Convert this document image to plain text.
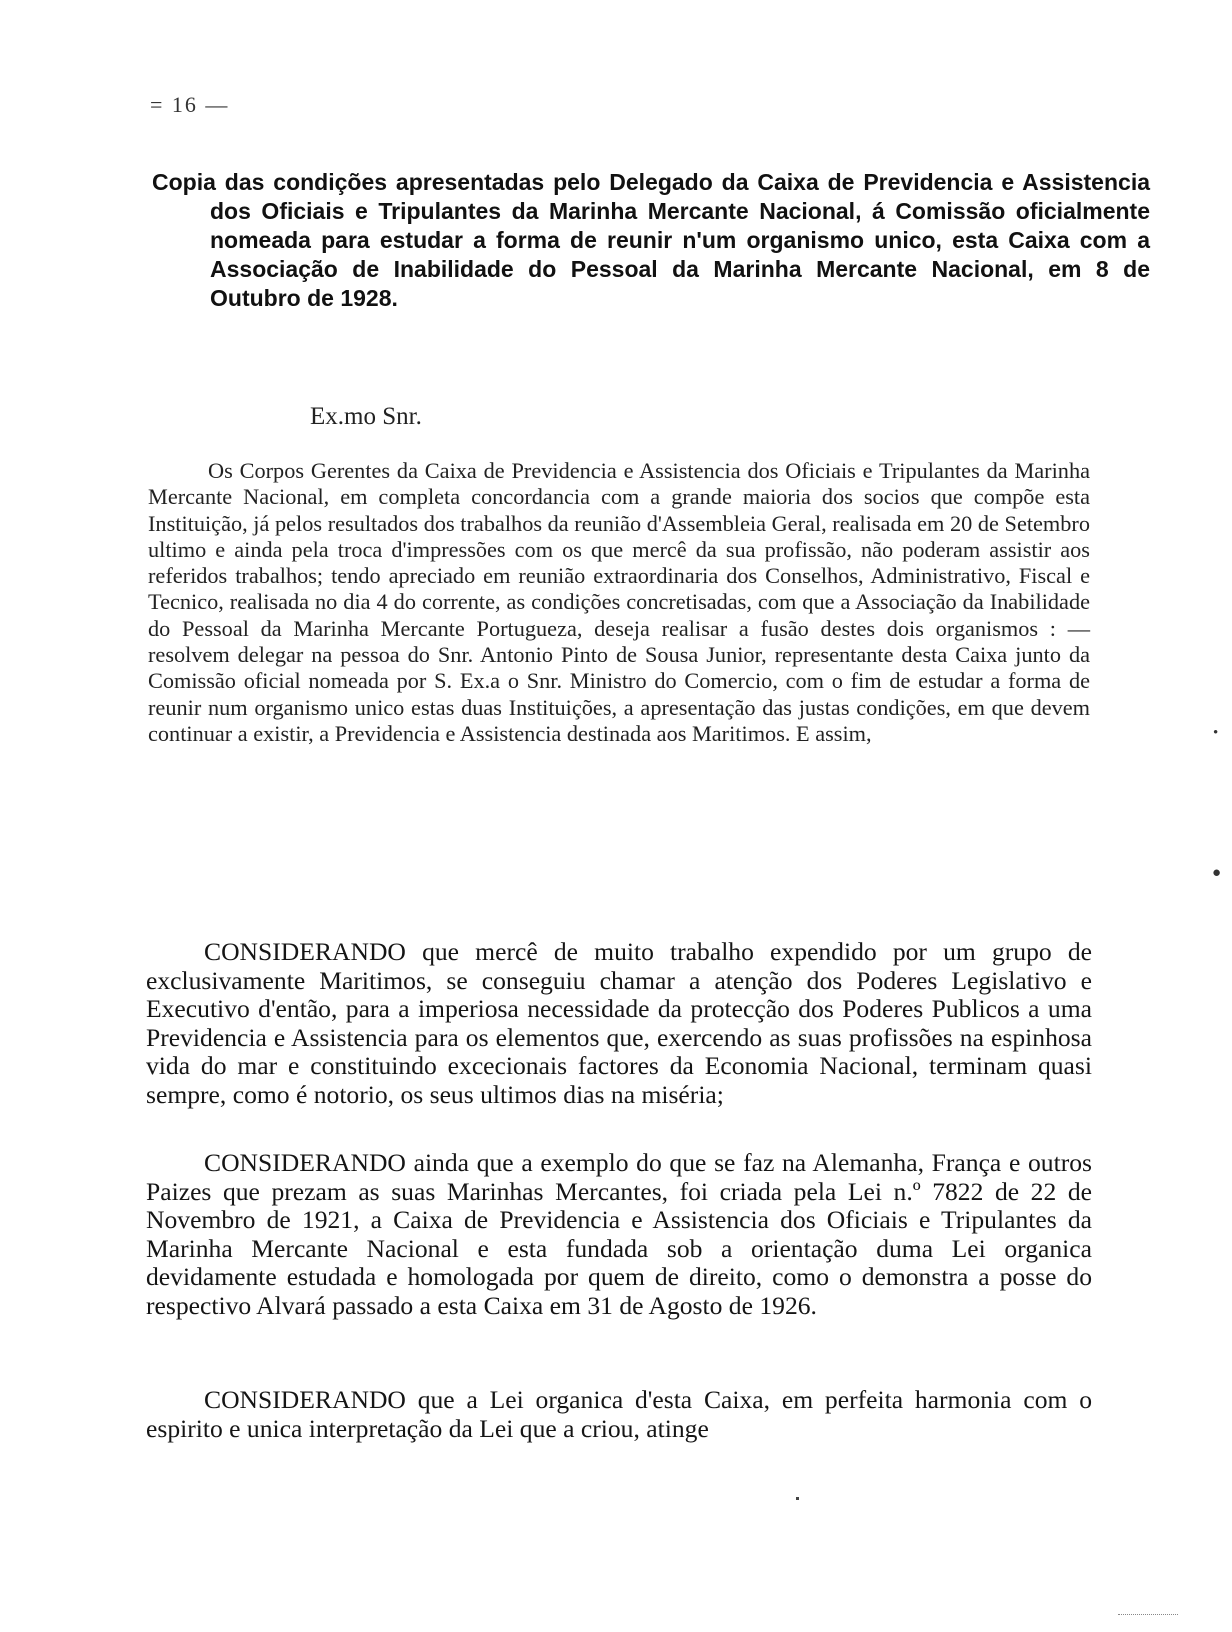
= 16 —
Copia das condições apresentadas pelo Delegado da Caixa de Previdencia e Assistencia dos Oficiais e Tripulantes da Marinha Mercante Nacional, á Comissão oficialmente nomeada para estudar a forma de reunir n'um organismo unico, esta Caixa com a Associação de Inabilidade do Pessoal da Marinha Mercante Nacional, em 8 de Outubro de 1928.
Ex.mo Snr.
Os Corpos Gerentes da Caixa de Previdencia e Assistencia dos Oficiais e Tripulantes da Marinha Mercante Nacional, em completa concordancia com a grande maioria dos socios que compõe esta Instituição, já pelos resultados dos trabalhos da reunião d'Assembleia Geral, realisada em 20 de Setembro ultimo e ainda pela troca d'impressões com os que mercê da sua profissão, não poderam assistir aos referidos trabalhos; tendo apreciado em reunião extraordinaria dos Conselhos, Administrativo, Fiscal e Tecnico, realisada no dia 4 do corrente, as condições concretisadas, com que a Associação da Inabilidade do Pessoal da Marinha Mercante Portugueza, deseja realisar a fusão destes dois organismos : — resolvem delegar na pessoa do Snr. Antonio Pinto de Sousa Junior, representante desta Caixa junto da Comissão oficial nomeada por S. Ex.a o Snr. Ministro do Comercio, com o fim de estudar a forma de reunir num organismo unico estas duas Instituições, a apresentação das justas condições, em que devem continuar a existir, a Previdencia e Assistencia destinada aos Maritimos. E assim,
CONSIDERANDO que mercê de muito trabalho expendido por um grupo de exclusivamente Maritimos, se conseguiu chamar a atenção dos Poderes Legislativo e Executivo d'então, para a imperiosa necessidade da protecção dos Poderes Publicos a uma Previdencia e Assistencia para os elementos que, exercendo as suas profissões na espinhosa vida do mar e constituindo excecionais factores da Economia Nacional, terminam quasi sempre, como é notorio, os seus ultimos dias na miséria;
CONSIDERANDO ainda que a exemplo do que se faz na Alemanha, França e outros Paizes que prezam as suas Marinhas Mercantes, foi criada pela Lei n.º 7822 de 22 de Novembro de 1921, a Caixa de Previdencia e Assistencia dos Oficiais e Tripulantes da Marinha Mercante Nacional e esta fundada sob a orientação duma Lei organica devidamente estudada e homologada por quem de direito, como o demonstra a posse do respectivo Alvará passado a esta Caixa em 31 de Agosto de 1926.
CONSIDERANDO que a Lei organica d'esta Caixa, em perfeita harmonia com o espirito e unica interpretação da Lei que a criou, atinge
•
●
